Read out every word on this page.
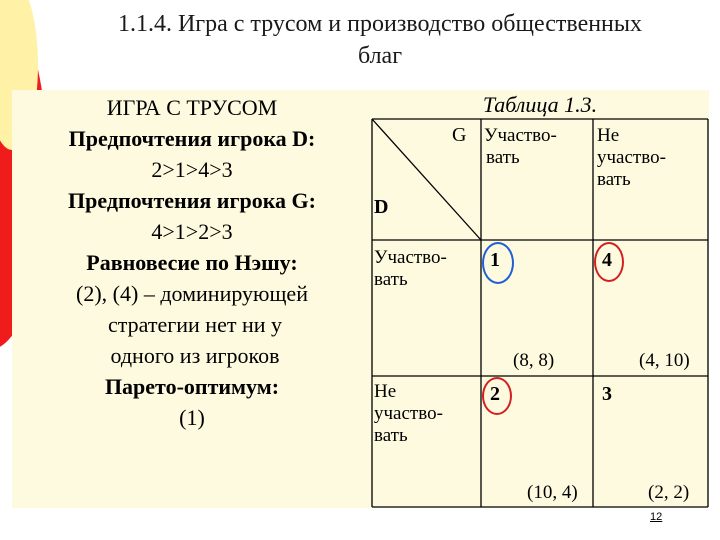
1.1.4. Игра с трусом и производство общественных
благ
ИГРА С ТРУСОМ
Предпочтения игрока D:
2>1>4>3
Предпочтения игрока G:
4>1>2>3
Равновесие по Нэшу:
(2), (4) – доминирующей
стратегии нет ни у
одного из игроков
Парето-оптимум:
(1)
Таблица 1.3.
G
D
Участво-
вать
Не
участво-
вать
Участво-
вать
Не
участво-
вать
1
(8, 8)
4
(4, 10)
2
(10, 4)
3
(2, 2)
12
